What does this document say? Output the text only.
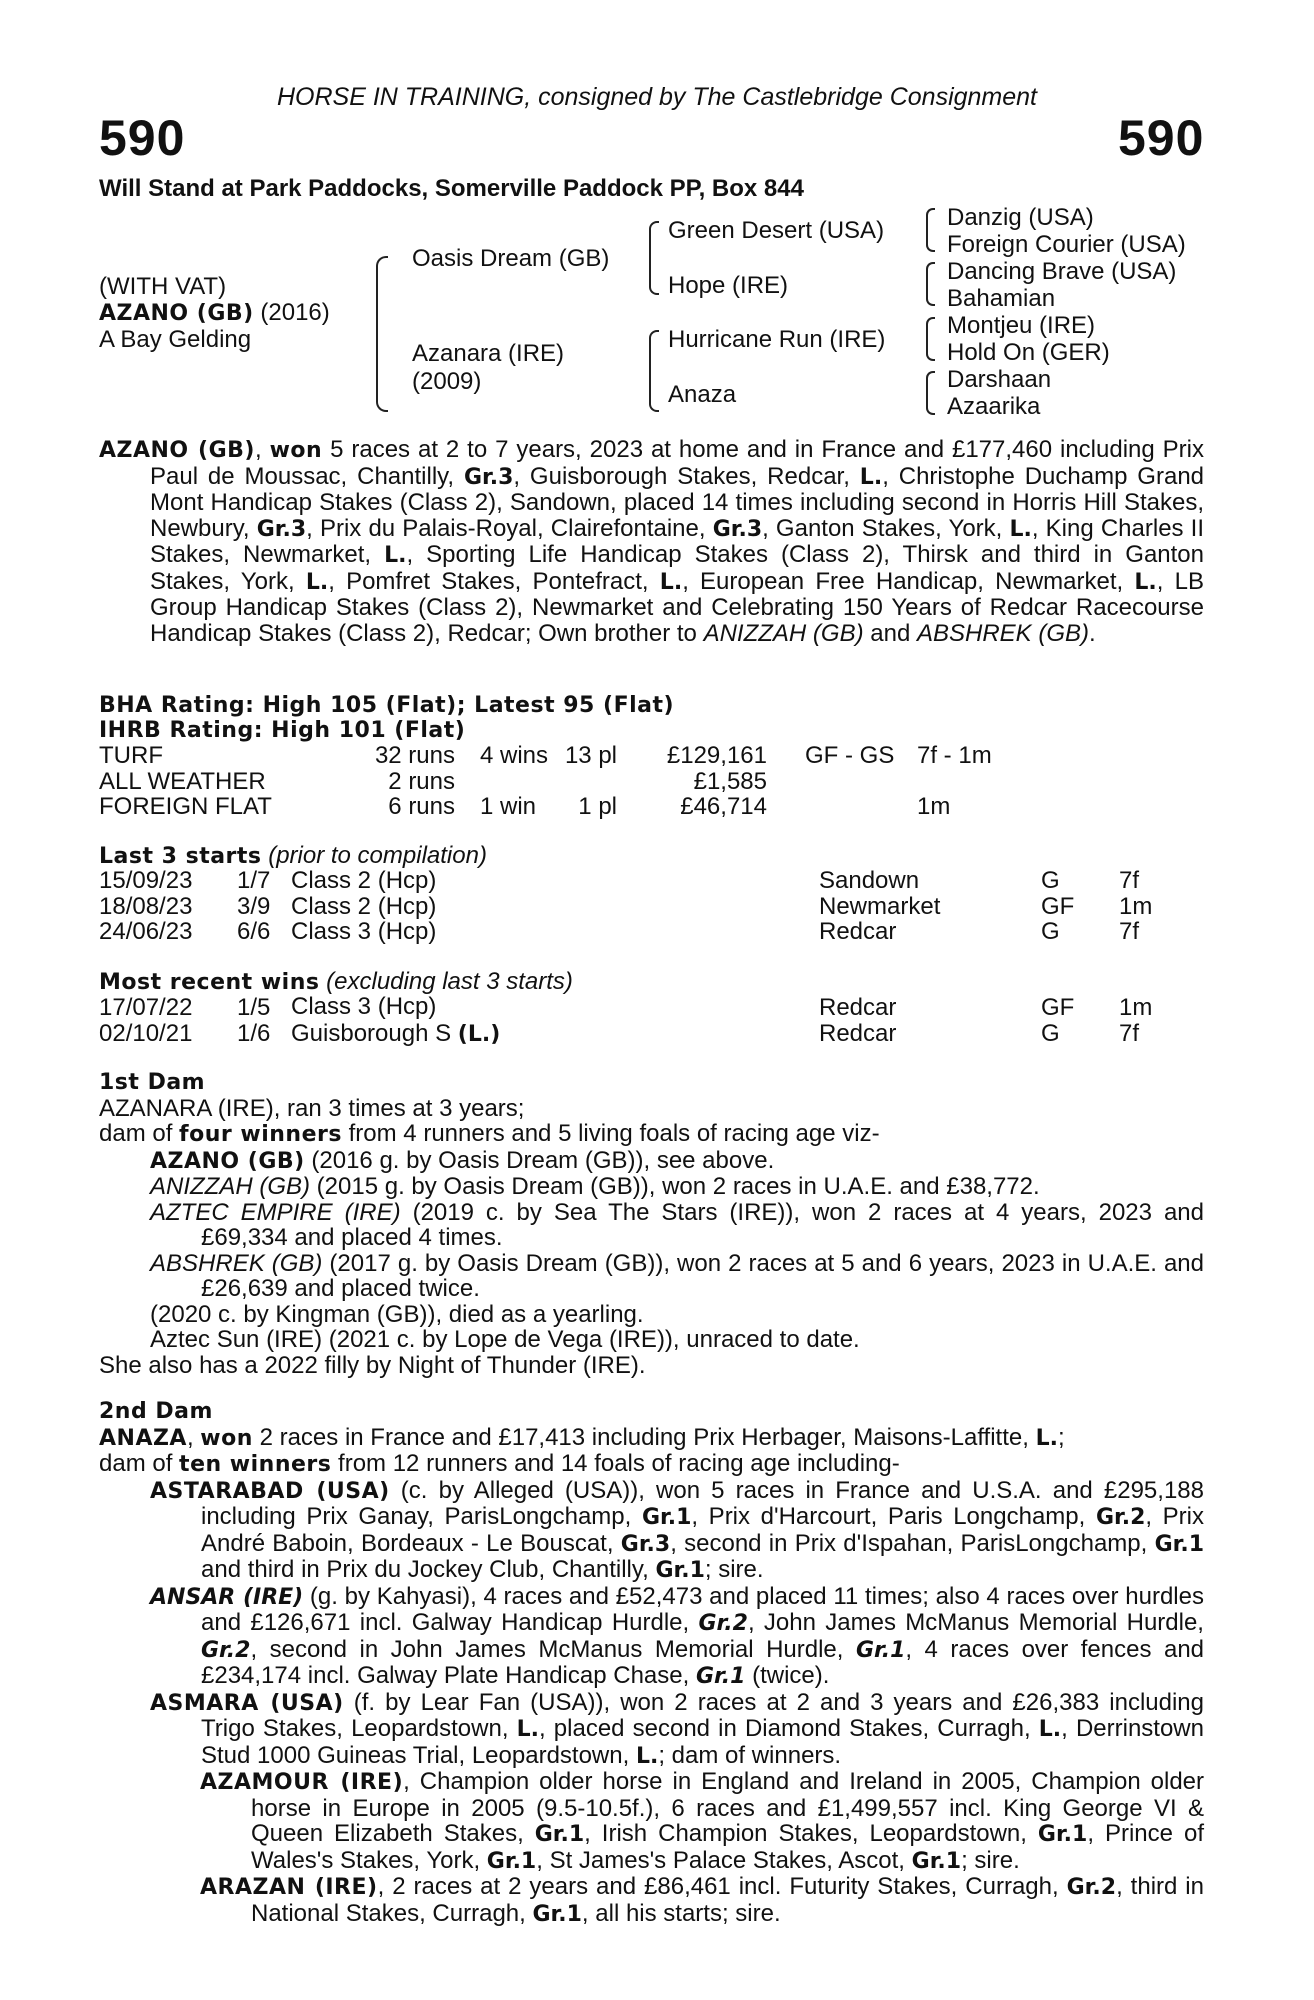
HORSE IN TRAINING, consigned by The Castlebridge Consignment
590	590
Will Stand at Park Paddocks, Somerville Paddock PP, Box 844
(WITH VAT)
AZANO (GB) (2016)
A Bay Gelding
Oasis Dream (GB)
Azanara (IRE)
(2009)
Green Desert (USA)
Hope (IRE)
Hurricane Run (IRE)
Anaza
Danzig (USA)
Foreign Courier (USA)
Dancing Brave (USA)
Bahamian
Montjeu (IRE)
Hold On (GER)
Darshaan
Azaarika

AZANO (GB), won 5 races at 2 to 7 years, 2023 at home and in France and £177,460 including Prix Paul de Moussac, Chantilly, Gr.3, Guisborough Stakes, Redcar, L., Christophe Duchamp Grand Mont Handicap Stakes (Class 2), Sandown, placed 14 times including second in Horris Hill Stakes, Newbury, Gr.3, Prix du Palais-Royal, Clairefontaine, Gr.3, Ganton Stakes, York, L., King Charles II Stakes, Newmarket, L., Sporting Life Handicap Stakes (Class 2), Thirsk and third in Ganton Stakes, York, L., Pomfret Stakes, Pontefract, L., European Free Handicap, Newmarket, L., LB Group Handicap Stakes (Class 2), Newmarket and Celebrating 150 Years of Redcar Racecourse Handicap Stakes (Class 2), Redcar; Own brother to ANIZZAH (GB) and ABSHREK (GB).

BHA Rating: High 105 (Flat); Latest 95 (Flat)
IHRB Rating: High 101 (Flat)
TURF	32 runs		4 wins	13 pl	£129,161		GF - GS	7f - 1m
ALL WEATHER	2 runs				£1,585			
FOREIGN FLAT	6 runs		1 win	1 pl	£46,714			1m
Last 3 starts (prior to compilation)
15/09/23	1/7	Class 2 (Hcp)	Sandown	G	7f
18/08/23	3/9	Class 2 (Hcp)	Newmarket	GF	1m
24/06/23	6/6	Class 3 (Hcp)	Redcar	G	7f
Most recent wins (excluding last 3 starts)
17/07/22	1/5	Class 3 (Hcp)	Redcar	GF	1m
02/10/21	1/6	Guisborough S (L.)	Redcar	G	7f

1st Dam

AZANARA (IRE), ran 3 times at 3 years;

dam of four winners from 4 runners and 5 living foals of racing age viz-

AZANO (GB) (2016 g. by Oasis Dream (GB)), see above.

ANIZZAH (GB) (2015 g. by Oasis Dream (GB)), won 2 races in U.A.E. and £38,772.

AZTEC EMPIRE (IRE) (2019 c. by Sea The Stars (IRE)), won 2 races at 4 years, 2023 and £69,334 and placed 4 times.

ABSHREK (GB) (2017 g. by Oasis Dream (GB)), won 2 races at 5 and 6 years, 2023 in U.A.E. and £26,639 and placed twice.

(2020 c. by Kingman (GB)), died as a yearling.

Aztec Sun (IRE) (2021 c. by Lope de Vega (IRE)), unraced to date.

She also has a 2022 filly by Night of Thunder (IRE).

2nd Dam

ANAZA, won 2 races in France and £17,413 including Prix Herbager, Maisons-Laffitte, L.;

dam of ten winners from 12 runners and 14 foals of racing age including-

ASTARABAD (USA) (c. by Alleged (USA)), won 5 races in France and U.S.A. and £295,188 including Prix Ganay, ParisLongchamp, Gr.1, Prix d'Harcourt, Paris Longchamp, Gr.2, Prix André Baboin, Bordeaux - Le Bouscat, Gr.3, second in Prix d'Ispahan, ParisLongchamp, Gr.1 and third in Prix du Jockey Club, Chantilly, Gr.1; sire.

ANSAR (IRE) (g. by Kahyasi), 4 races and £52,473 and placed 11 times; also 4 races over hurdles and £126,671 incl. Galway Handicap Hurdle, Gr.2, John James McManus Memorial Hurdle, Gr.2, second in John James McManus Memorial Hurdle, Gr.1, 4 races over fences and £234,174 incl. Galway Plate Handicap Chase, Gr.1 (twice).

ASMARA (USA) (f. by Lear Fan (USA)), won 2 races at 2 and 3 years and £26,383 including Trigo Stakes, Leopardstown, L., placed second in Diamond Stakes, Curragh, L., Derrinstown Stud 1000 Guineas Trial, Leopardstown, L.; dam of winners.

AZAMOUR (IRE), Champion older horse in England and Ireland in 2005, Champion older horse in Europe in 2005 (9.5-10.5f.), 6 races and £1,499,557 incl. King George VI & Queen Elizabeth Stakes, Gr.1, Irish Champion Stakes, Leopardstown, Gr.1, Prince of Wales's Stakes, York, Gr.1, St James's Palace Stakes, Ascot, Gr.1; sire.

ARAZAN (IRE), 2 races at 2 years and £86,461 incl. Futurity Stakes, Curragh, Gr.2, third in National Stakes, Curragh, Gr.1, all his starts; sire.
